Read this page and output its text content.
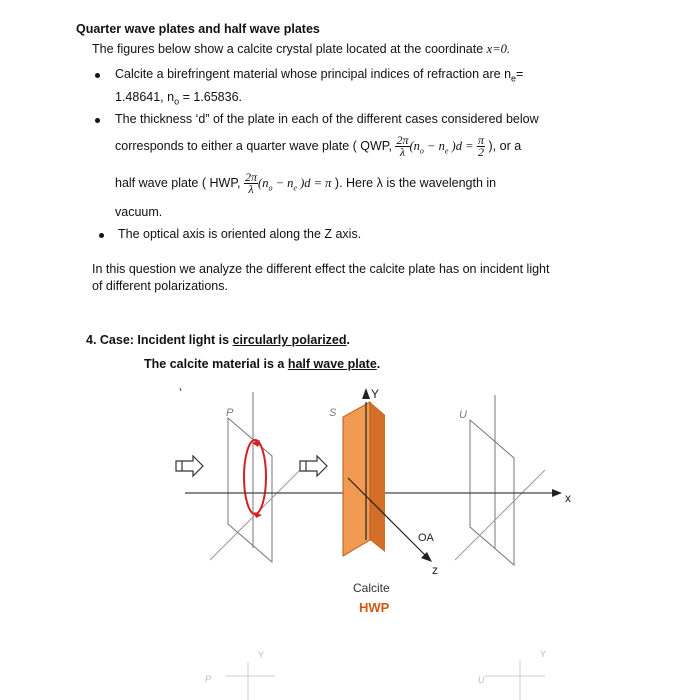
Quarter wave plates and half wave plates
The figures below show a calcite crystal plate located at the coordinate x=0.
Calcite a birefringent material whose principal indices of refraction are $n_e=$
1.48641, $n_o = 1.65836$.
The thickness ‘d” of the plate in each of the different cases considered below
corresponds to either a quarter wave plate ( QWP, $\frac{2\pi}{\lambda} (n_o - n_e$ )$d = \frac{\pi}{2}$ ), or a
half wave plate ( HWP, $\frac{2\pi}{\lambda} (n_o - n_e$ )d = π ). Here λ is the wavelength in
vacuum.
The optical axis is oriented along the Z axis.
In this question we analyze the different effect the calcite plate has on incident light
of different polarizations.
4. Case: Incident light is circularly polarized.
The calcite material is a half wave plate.
P	S	U
Y
x
z
OA
Calcite
HWP
Y
P
Y
U
